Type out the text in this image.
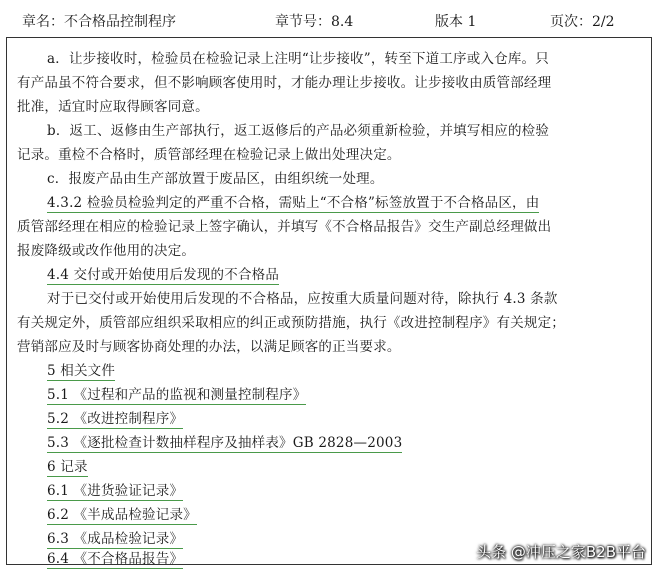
章名：不合格品控制程序	章节号：8.4	版本 1	页次：2/2
a．让步接收时，检验员在检验记录上注明“让步接收”，转至下道工序或入仓库。只
有产品虽不符合要求，但不影响顾客使用时，才能办理让步接收。让步接收由质管部经理
批准，适宜时应取得顾客同意。
b．返工、返修由生产部执行，返工返修后的产品必须重新检验，并填写相应的检验
记录。重检不合格时，质管部经理在检验记录上做出处理决定。
c．报废产品由生产部放置于废品区，由组织统一处理。
4.3.2 检验员检验判定的严重不合格，需贴上“不合格”标签放置于不合格品区，由
质管部经理在相应的检验记录上签字确认，并填写《不合格品报告》交生产副总经理做出
报废降级或改作他用的决定。
4.4 交付或开始使用后发现的不合格品
对于已交付或开始使用后发现的不合格品，应按重大质量问题对待，除执行 4.3 条款
有关规定外，质管部应组织采取相应的纠正或预防措施，执行《改进控制程序》有关规定；
营销部应及时与顾客协商处理的办法，以满足顾客的正当要求。
5 相关文件
5.1 《过程和产品的监视和测量控制程序》
5.2 《改进控制程序》
5.3 《逐批检查计数抽样程序及抽样表》GB 2828—2003
6 记录
6.1 《进货验证记录》
6.2 《半成品检验记录》
6.3 《成品检验记录》
6.4 《不合格品报告》	头条 @冲压之家B2B平台
